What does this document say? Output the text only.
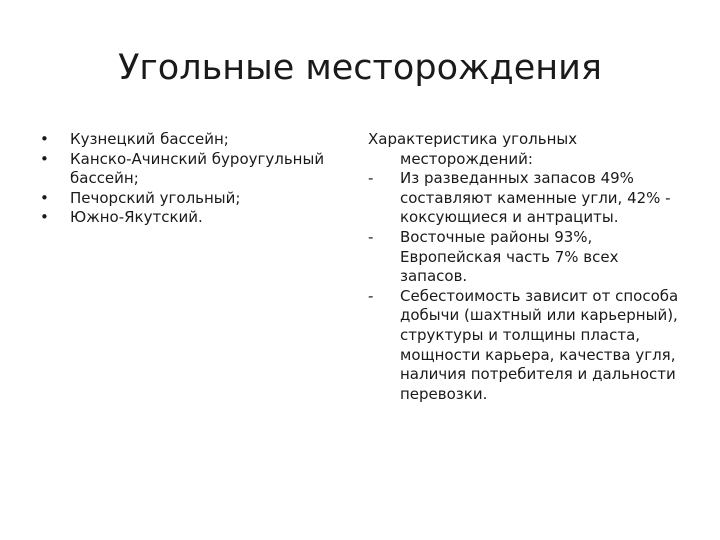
Угольные месторождения
•	Кузнецкий бассейн;
•	Канско-Ачинский буроугульный бассейн;
•	Печорский угольный;
•	Южно-Якутский.
Характеристика угольных месторождений:
-	Из разведанных запасов 49% составляют каменные угли, 42% - коксующиеся и антрациты.
-	Восточные районы 93%, Европейская часть 7% всех запасов.
-	Себестоимость зависит от способа добычи (шахтный или карьерный), структуры и толщины пласта, мощности карьера, качества угля, наличия потребителя и дальности перевозки.
